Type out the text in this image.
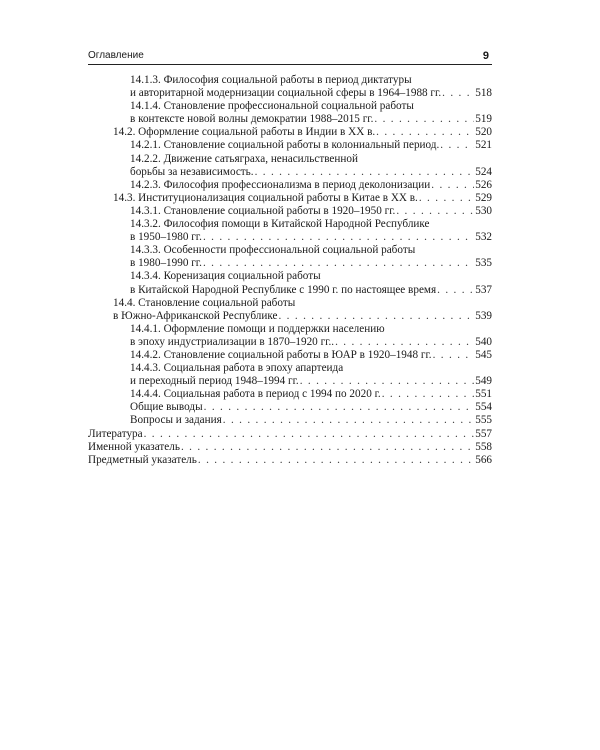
Оглавление	9
14.1.3. Философия социальной работы в период диктатуры
и авторитарной модернизации социальной сферы в 1964–1988 гг. . . .	518
14.1.4. Становление профессиональной социальной работы
в контексте новой волны демократии 1988–2015 гг. . . .	519
14.2. Оформление социальной работы в Индии в XX в. . . .	520
14.2.1. Становление социальной работы в колониальный период. . . .	521
14.2.2. Движение сатьяграха, ненасильственной
борьбы за независимость. . . .	524
14.2.3. Философия профессионализма в период деколонизации . . .	526
14.3. Институционализация социальной работы в Китае в XX в. . . .	529
14.3.1. Становление социальной работы в 1920–1950 гг. . . .	530
14.3.2. Философия помощи в Китайской Народной Республике
в 1950–1980 гг. . . .	532
14.3.3. Особенности профессиональной социальной работы
в 1980–1990 гг. . . .	535
14.3.4. Коренизация социальной работы
в Китайской Народной Республике с 1990 г. по настоящее время . . .	537
14.4. Становление социальной работы
в Южно-Африканской Республике . . .	539
14.4.1. Оформление помощи и поддержки населению
в эпоху индустриализации в 1870–1920 гг.. . . .	540
14.4.2. Становление социальной работы в ЮАР в 1920–1948 гг. . . .	545
14.4.3. Социальная работа в эпоху апартеида
и переходный период 1948–1994 гг. . . .	549
14.4.4. Социальная работа в период с 1994 по 2020 г. . . .	551
Общие выводы . . .	554
Вопросы и задания . . .	555
Литература . . .	557
Именной указатель . . .	558
Предметный указатель . . .	566
